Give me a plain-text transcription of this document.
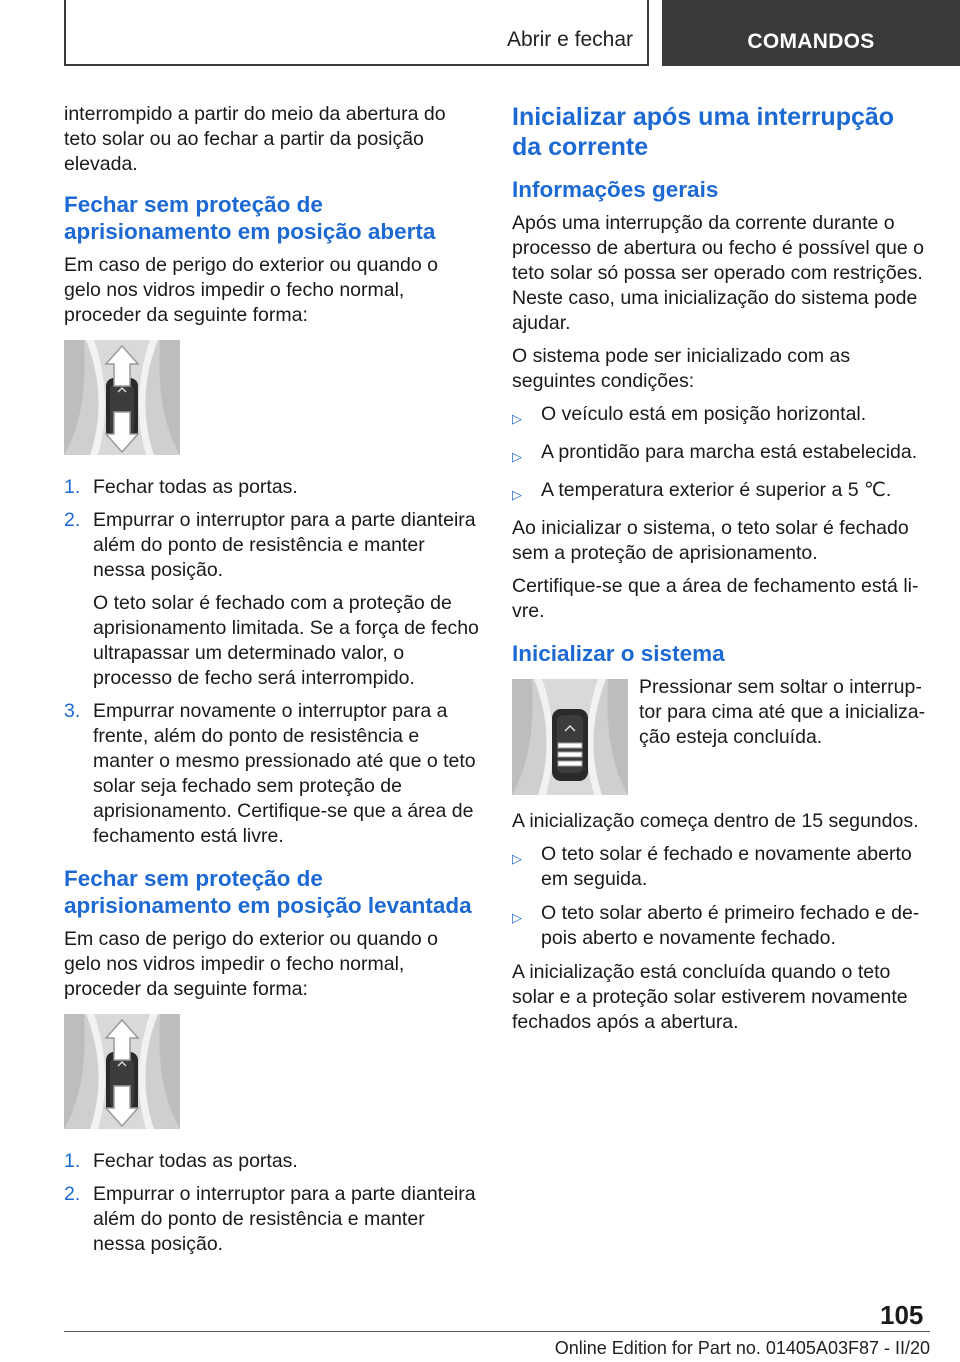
Abrir e fechar	COMANDOS

interrompido a partir do meio da abertura do teto solar ou ao fechar a partir da posição elevada.

Fechar sem proteção de aprisionamento em posição aberta

Em caso de perigo do exterior ou quando o gelo nos vidros impedir o fecho normal, proceder da seguinte forma:

1. Fechar todas as portas.

2. Empurrar o interruptor para a parte dianteira além do ponto de resistência e manter nessa posição.

O teto solar é fechado com a proteção de aprisionamento limitada. Se a força de fecho ultrapassar um determinado valor, o processo de fecho será interrompido.

3. Empurrar novamente o interruptor para a frente, além do ponto de resistência e manter o mesmo pressionado até que o teto solar seja fechado sem proteção de aprisionamento. Certifique-se que a área de fechamento está livre.

Fechar sem proteção de aprisionamento em posição levantada

Em caso de perigo do exterior ou quando o gelo nos vidros impedir o fecho normal, proceder da seguinte forma:

1. Fechar todas as portas.

2. Empurrar o interruptor para a parte dianteira além do ponto de resistência e manter nessa posição.

Inicializar após uma interrupção da corrente
Informações gerais

Após uma interrupção da corrente durante o processo de abertura ou fecho é possível que o teto solar só possa ser operado com restrições. Neste caso, uma inicialização do sistema pode ajudar.

O sistema pode ser inicializado com as seguintes condições:

▷ O veículo está em posição horizontal.
▷ A prontidão para marcha está estabelecida.
▷ A temperatura exterior é superior a 5 ℃.

Ao inicializar o sistema, o teto solar é fechado sem a proteção de aprisionamento.

Certifique-se que a área de fechamento está livre.

Inicializar o sistema

Pressionar sem soltar o interruptor para cima até que a inicialização esteja concluída.

A inicialização começa dentro de 15 segundos.

▷ O teto solar é fechado e novamente aberto em seguida.
▷ O teto solar aberto é primeiro fechado e depois aberto e novamente fechado.

A inicialização está concluída quando o teto solar e a proteção solar estiverem novamente fechados após a abertura.

105
Online Edition for Part no. 01405A03F87 - II/20
